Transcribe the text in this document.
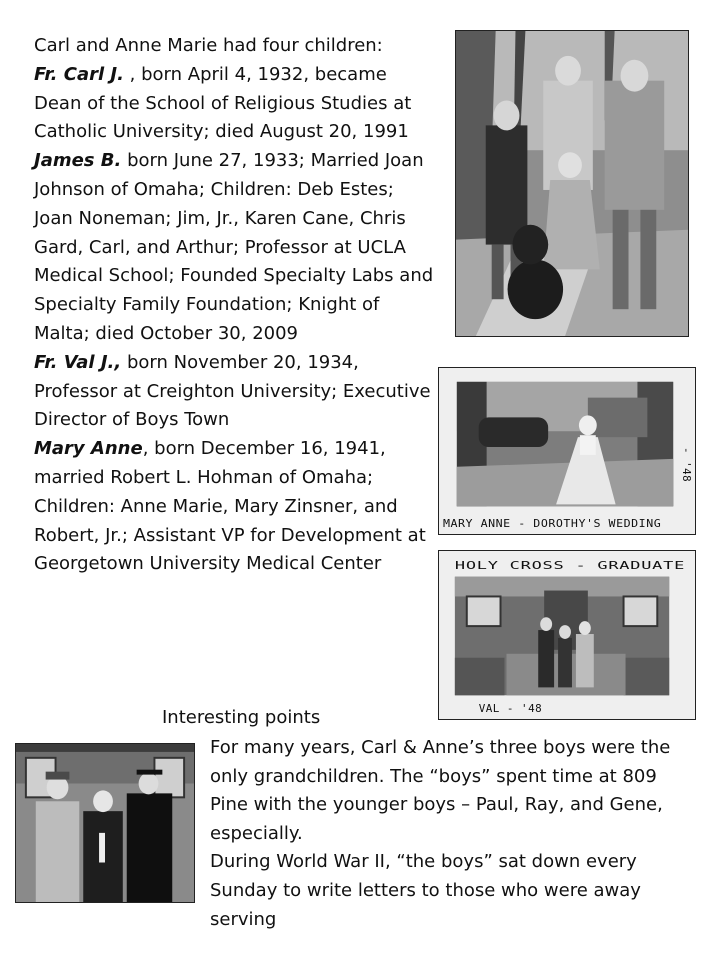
Carl and Anne Marie had four children:

Fr. Carl J. , born April 4, 1932, became Dean of the School of Religious Studies at Catholic University; died August 20, 1991

James B. born June 27, 1933; Married Joan Johnson of Omaha; Children: Deb Estes; Joan Noneman; Jim, Jr., Karen Cane, Chris Gard, Carl, and Arthur; Professor at UCLA Medical School; Founded Specialty Labs and Specialty Family Foundation; Knight of Malta; died October 30, 2009

Fr. Val J., born November 20, 1934, Professor at Creighton University; Executive Director of Boys Town

Mary Anne, born December 16, 1941, married Robert L. Hohman of Omaha; Children: Anne Marie, Mary Zinsner, and Robert, Jr.; Assistant VP for Development at Georgetown University Medical Center

MARY ANNE - DOROTHY'S WEDDING
- '48
HOLY CROSS - GRADUATE
VAL - '48
Interesting points

For many years, Carl & Anne’s three boys were the only grandchildren. The “boys” spent time at 809 Pine with the younger boys – Paul, Ray, and Gene, especially.

During World War II, “the boys” sat down every Sunday to write letters to those who were away serving
